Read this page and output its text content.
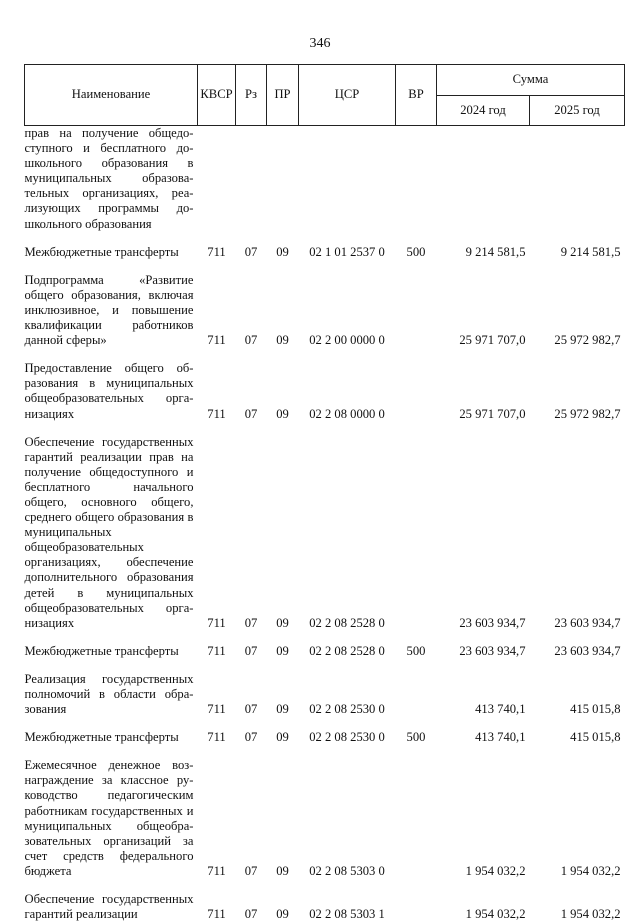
346
Наименование	КВСР	Рз	ПР	ЦСР	ВР	Сумма	
						2024 год	2025 год
прав на получение общедоступного и бесплатного дошкольного образования в муниципальных образовательных организациях, реализующих программы дошкольного образования							

Межбюджетные трансферты	711	07	09	02 1 01 2537 0	500	9 214 581,5	9 214 581,5

Подпрограмма «Развитие общего образования, включая инклюзивное, и повышение квалификации работников данной сферы»	711	07	09	02 2 00 0000 0		25 971 707,0	25 972 982,7

Предоставление общего образования в муниципальных общеобразовательных организациях	711	07	09	02 2 08 0000 0		25 971 707,0	25 972 982,7

Обеспечение государственных гарантий реализации прав на получение общедоступного и бесплатного начального общего, основного общего, среднего общего образования в муниципальных общеобразовательных организациях, обеспечение дополнительного образования детей в муниципальных общеобразовательных организациях	711	07	09	02 2 08 2528 0		23 603 934,7	23 603 934,7

Межбюджетные трансферты	711	07	09	02 2 08 2528 0	500	23 603 934,7	23 603 934,7

Реализация государственных полномочий в области образования	711	07	09	02 2 08 2530 0		413 740,1	415 015,8

Межбюджетные трансферты	711	07	09	02 2 08 2530 0	500	413 740,1	415 015,8

Ежемесячное денежное вознаграждение за классное руководство педагогическим работникам государственных и муниципальных общеобразовательных организаций за счет средств федерального бюджета	711	07	09	02 2 08 5303 0		1 954 032,2	1 954 032,2

Обеспечение государственных гарантий реализации	711	07	09	02 2 08 5303 1		1 954 032,2	1 954 032,2
